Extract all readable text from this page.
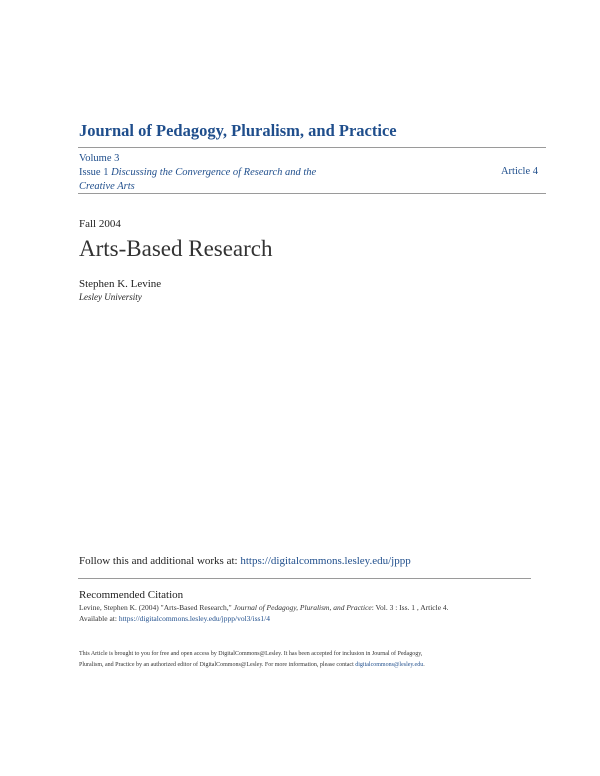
Journal of Pedagogy, Pluralism, and Practice
Volume 3
Issue 1 Discussing the Convergence of Research and the
Creative Arts
Article 4
Fall 2004
Arts-Based Research
Stephen K. Levine
Lesley University
Follow this and additional works at: https://digitalcommons.lesley.edu/jppp
Recommended Citation
Levine, Stephen K. (2004) "Arts-Based Research," Journal of Pedagogy, Pluralism, and Practice: Vol. 3 : Iss. 1 , Article 4.
Available at: https://digitalcommons.lesley.edu/jppp/vol3/iss1/4
This Article is brought to you for free and open access by DigitalCommons@Lesley. It has been accepted for inclusion in Journal of Pedagogy,
Pluralism, and Practice by an authorized editor of DigitalCommons@Lesley. For more information, please contact digitalcommons@lesley.edu.
